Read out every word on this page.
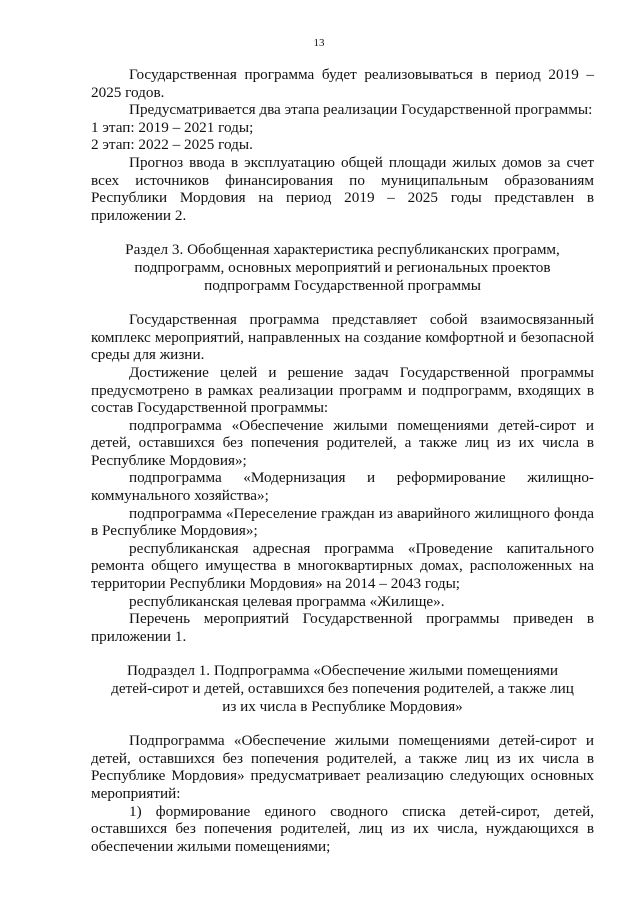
13

Государственная программа будет реализовываться в период 2019 – 2025 годов.

Предусматривается два этапа реализации Государственной программы:

1 этап: 2019 – 2021 годы;

2 этап: 2022 – 2025 годы.

Прогноз ввода в эксплуатацию общей площади жилых домов за счет всех источников финансирования по муниципальным образованиям Республики Мордовия на период 2019 – 2025 годы представлен в приложении 2.

Раздел 3. Обобщенная характеристика республиканских программ,
подпрограмм, основных мероприятий и региональных проектов
подпрограмм Государственной программы

Государственная программа представляет собой взаимосвязанный комплекс мероприятий, направленных на создание комфортной и безопасной среды для жизни.

Достижение целей и решение задач Государственной программы предусмотрено в рамках реализации программ и подпрограмм, входящих в состав Государственной программы:

подпрограмма «Обеспечение жилыми помещениями детей-сирот и детей, оставшихся без попечения родителей, а также лиц из их числа в Республике Мордовия»;

подпрограмма «Модернизация и реформирование жилищно-коммунального хозяйства»;

подпрограмма «Переселение граждан из аварийного жилищного фонда в Республике Мордовия»;

республиканская адресная программа «Проведение капитального ремонта общего имущества в многоквартирных домах, расположенных на территории Республики Мордовия» на 2014 – 2043 годы;

республиканская целевая программа «Жилище».

Перечень мероприятий Государственной программы приведен в приложении 1.

Подраздел 1. Подпрограмма «Обеспечение жилыми помещениями
детей-сирот и детей, оставшихся без попечения родителей, а также лиц
из их числа в Республике Мордовия»

Подпрограмма «Обеспечение жилыми помещениями детей-сирот и детей, оставшихся без попечения родителей, а также лиц из их числа в Республике Мордовия» предусматривает реализацию следующих основных мероприятий:

1) формирование единого сводного списка детей-сирот, детей, оставшихся без попечения родителей, лиц из их числа, нуждающихся в обеспечении жилыми помещениями;
